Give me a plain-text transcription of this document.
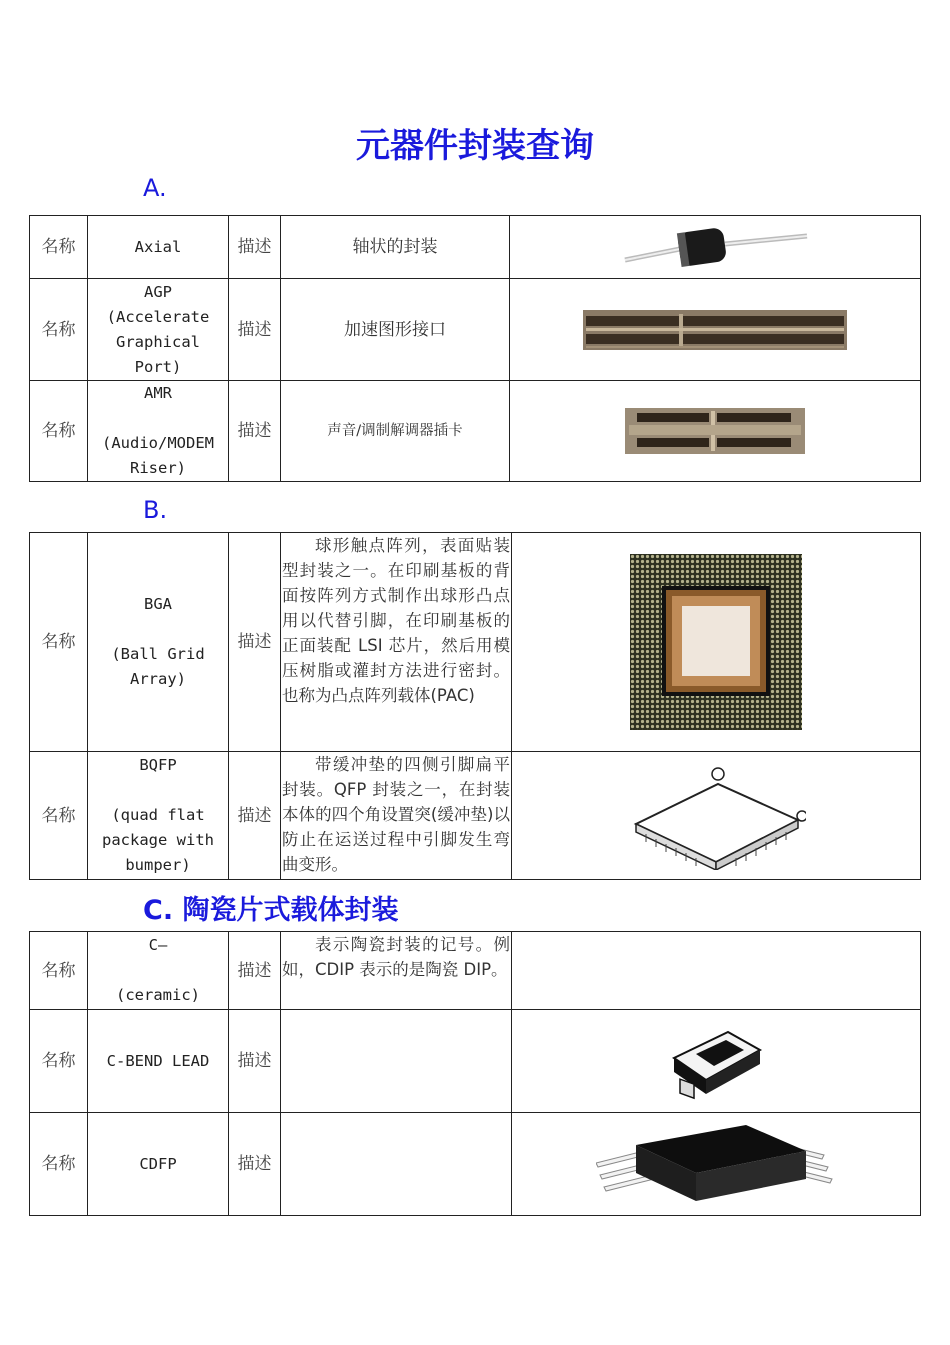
元器件封装查询
A.
名称	Axial	描述	轴状的封装	

名称	AGP
(Accelerate
Graphical
Port)	描述	加速图形接口	

名称	AMR

(Audio/MODEM
Riser)	描述	声音/调制解调器插卡	
B.
名称	BGA

(Ball Grid
Array)	描述	球形触点阵列，表面贴装型封装之一。在印刷基板的背面按阵列方式制作出球形凸点用以代替引脚，在印刷基板的正面装配 LSI 芯片，然后用模压树脂或灌封方法进行密封。也称为凸点阵列载体(PAC)

名称	BQFP

(quad flat
package with
bumper)	描述	带缓冲垫的四侧引脚扁平封装。QFP 封装之一，在封装本体的四个角设置突(缓冲垫)以 防止在运送过程中引脚发生弯曲变形。

C. 陶瓷片式载体封装
名称	C—

(ceramic)	描述	表示陶瓷封装的记号。例如，CDIP 表示的是陶瓷 DIP。	

名称	C-BEND LEAD	描述		

名称	CDFP	描述		
